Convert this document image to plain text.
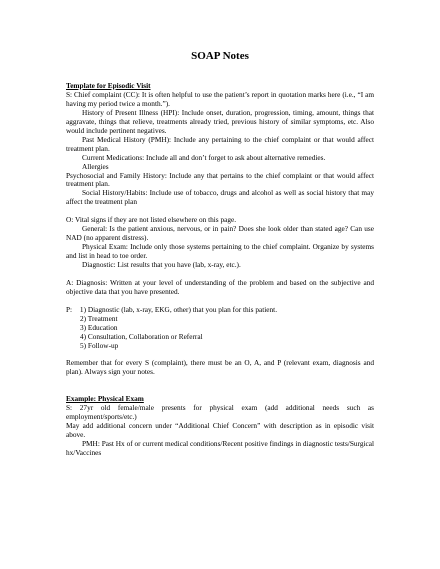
SOAP Notes

Template for Episodic Visit

S: Chief complaint (CC): It is often helpful to use the patient’s report in quotation marks here (i.e., “I am having my period twice a month.”).

History of Present Illness (HPI): Include onset, duration, progression, timing, amount, things that aggravate, things that relieve, treatments already tried, previous history of similar symptoms, etc. Also would include pertinent negatives.

Past Medical History (PMH): Include any pertaining to the chief complaint or that would affect treatment plan.

Current Medications: Include all and don’t forget to ask about alternative remedies.

Allergies

Psychosocial and Family History: Include any that pertains to the chief complaint or that would affect treatment plan.

Social History/Habits: Include use of tobacco, drugs and alcohol as well as social history that may affect the treatment plan

O: Vital signs if they are not listed elsewhere on this page.

General: Is the patient anxious, nervous, or in pain? Does she look older than stated age? Can use NAD (no apparent distress).

Physical Exam: Include only those systems pertaining to the chief complaint. Organize by systems and list in head to toe order.

Diagnostic: List results that you have (lab, x-ray, etc.).

A: Diagnosis: Written at your level of understanding of the problem and based on the subjective and objective data that you have presented.

P: 1) Diagnostic (lab, x-ray, EKG, other) that you plan for this patient.

2) Treatment

3) Education

4) Consultation, Collaboration or Referral

5) Follow-up

Remember that for every S (complaint), there must be an O, A, and P (relevant exam, diagnosis and plan). Always sign your notes.

Example: Physical Exam

S: 27yr old female/male presents for physical exam (add additional needs such as employment/sports/etc.)

May add additional concern under “Additional Chief Concern” with description as in episodic visit above.

PMH: Past Hx of or current medical conditions/Recent positive findings in diagnostic tests/Surgical hx/Vaccines
